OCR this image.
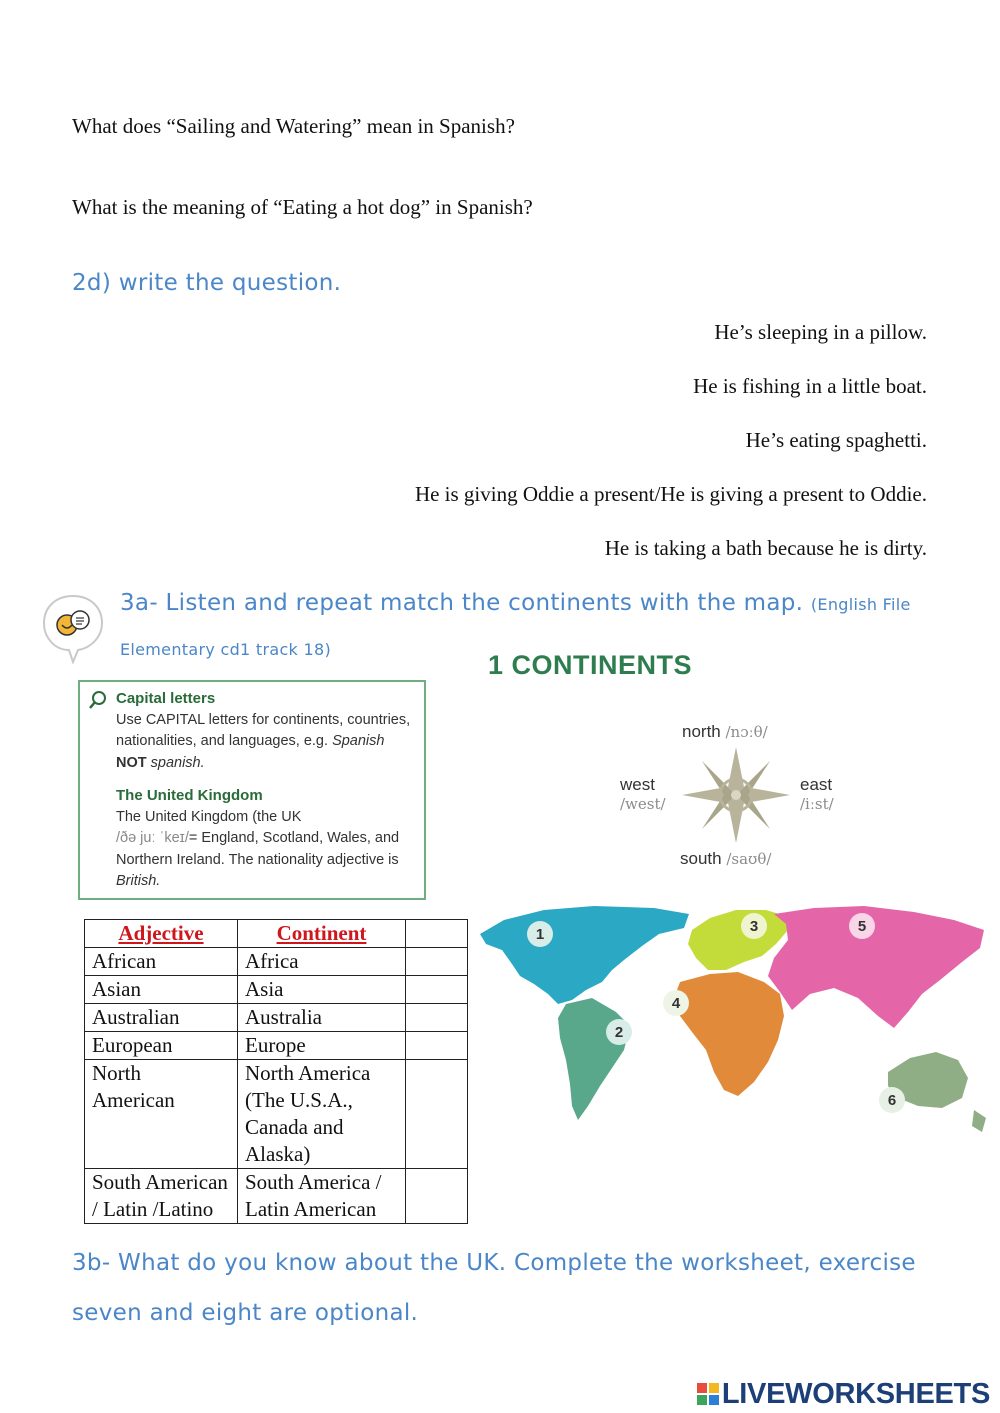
What does “Sailing and Watering” mean in Spanish?
What is the meaning of “Eating a hot dog” in Spanish?
2d) write the question.
He’s sleeping in a pillow.
He is fishing in a little boat.
He’s eating spaghetti.
He is giving Oddie a present/He is giving a present to Oddie.
He is taking a bath because he is dirty.
3a- Listen and repeat match the continents with the map. (English File
Elementary cd1 track 18)
Capital letters

Use CAPITAL letters for continents, countries, nationalities, and languages, e.g. Spanish NOT spanish.

The United Kingdom

The United Kingdom (the UK
/ðə juː ˈkeɪ/= England, Scotland, Wales, and Northern Ireland. The nationality adjective is British.

Adjective	Continent	
African	Africa	
Asian	Asia	
Australian	Australia	
European	Europe	
North
American	North America (The U.S.A., Canada and Alaska)	
South American / Latin /Latino	South America / Latin American	
1 CONTINENTS
north /nɔːθ/
west
/west/
east
/iːst/
south /saʊθ/
1
2
3
4
5
6
3b- What do you know about the UK. Complete the worksheet, exercise
seven and eight are optional.
LIVEWORKSHEETS
